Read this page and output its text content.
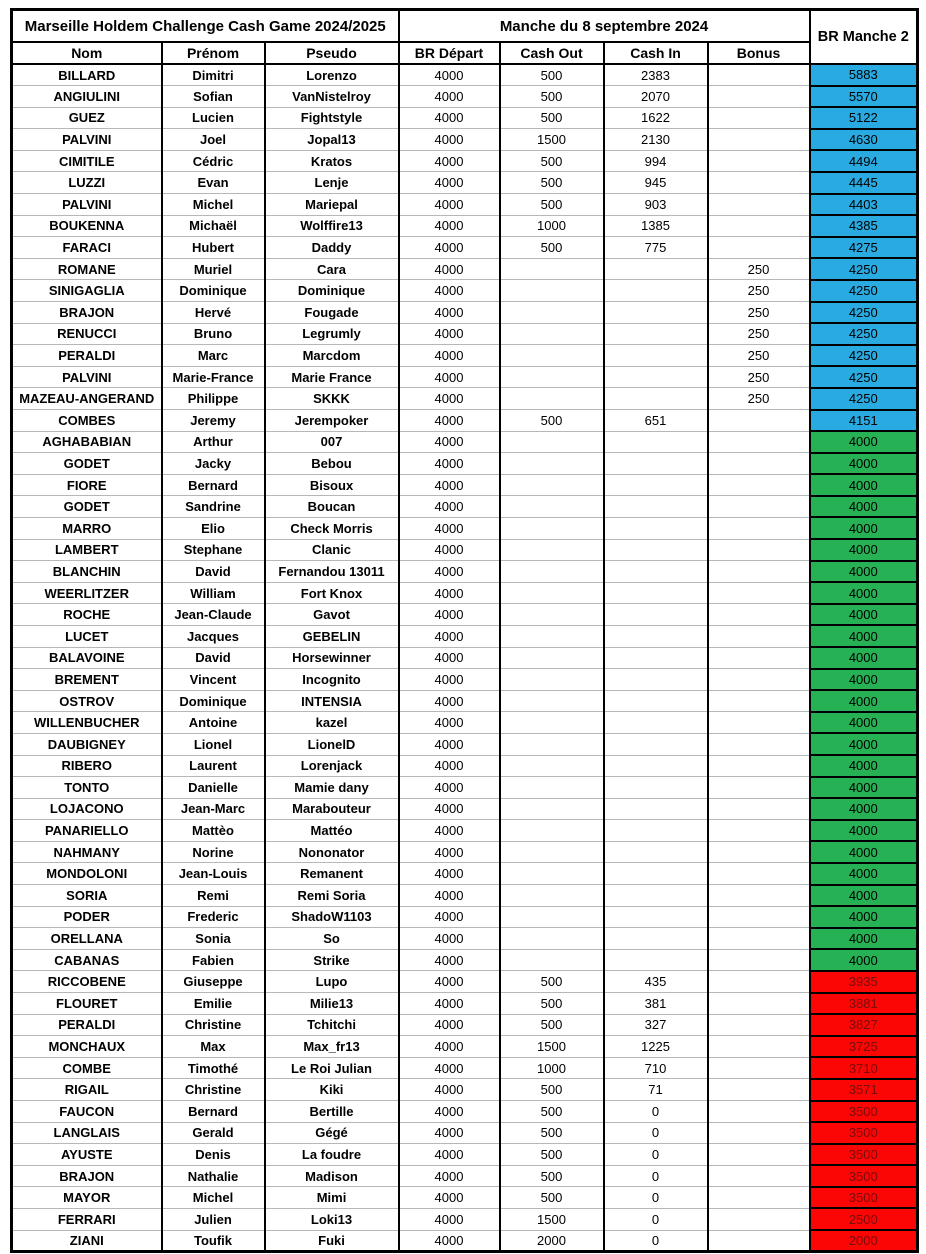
Marseille Holdem Challenge Cash Game 2024/2025			Manche du 8 septembre 2024				BR Manche 2
Nom	Prénom	Pseudo	BR Départ	Cash Out	Cash In	Bonus	
BILLARD	Dimitri	Lorenzo	4000	500	2383		5883
ANGIULINI	Sofian	VanNistelroy	4000	500	2070		5570
GUEZ	Lucien	Fightstyle	4000	500	1622		5122
PALVINI	Joel	Jopal13	4000	1500	2130		4630
CIMITILE	Cédric	Kratos	4000	500	994		4494
LUZZI	Evan	Lenje	4000	500	945		4445
PALVINI	Michel	Mariepal	4000	500	903		4403
BOUKENNA	Michaël	Wolffire13	4000	1000	1385		4385
FARACI	Hubert	Daddy	4000	500	775		4275
ROMANE	Muriel	Cara	4000			250	4250
SINIGAGLIA	Dominique	Dominique	4000			250	4250
BRAJON	Hervé	Fougade	4000			250	4250
RENUCCI	Bruno	Legrumly	4000			250	4250
PERALDI	Marc	Marcdom	4000			250	4250
PALVINI	Marie-France	Marie France	4000			250	4250
MAZEAU-ANGERAND	Philippe	SKKK	4000			250	4250
COMBES	Jeremy	Jerempoker	4000	500	651		4151
AGHABABIAN	Arthur	007	4000				4000
GODET	Jacky	Bebou	4000				4000
FIORE	Bernard	Bisoux	4000				4000
GODET	Sandrine	Boucan	4000				4000
MARRO	Elio	Check Morris	4000				4000
LAMBERT	Stephane	Clanic	4000				4000
BLANCHIN	David	Fernandou 13011	4000				4000
WEERLITZER	William	Fort Knox	4000				4000
ROCHE	Jean-Claude	Gavot	4000				4000
LUCET	Jacques	GEBELIN	4000				4000
BALAVOINE	David	Horsewinner	4000				4000
BREMENT	Vincent	Incognito	4000				4000
OSTROV	Dominique	INTENSIA	4000				4000
WILLENBUCHER	Antoine	kazel	4000				4000
DAUBIGNEY	Lionel	LionelD	4000				4000
RIBERO	Laurent	Lorenjack	4000				4000
TONTO	Danielle	Mamie dany	4000				4000
LOJACONO	Jean-Marc	Marabouteur	4000				4000
PANARIELLO	Mattèo	Mattéo	4000				4000
NAHMANY	Norine	Nononator	4000				4000
MONDOLONI	Jean-Louis	Remanent	4000				4000
SORIA	Remi	Remi Soria	4000				4000
PODER	Frederic	ShadoW1103	4000				4000
ORELLANA	Sonia	So	4000				4000
CABANAS	Fabien	Strike	4000				4000
RICCOBENE	Giuseppe	Lupo	4000	500	435		3935
FLOURET	Emilie	Milie13	4000	500	381		3881
PERALDI	Christine	Tchitchi	4000	500	327		3827
MONCHAUX	Max	Max_fr13	4000	1500	1225		3725
COMBE	Timothé	Le Roi Julian	4000	1000	710		3710
RIGAIL	Christine	Kiki	4000	500	71		3571
FAUCON	Bernard	Bertille	4000	500	0		3500
LANGLAIS	Gerald	Gégé	4000	500	0		3500
AYUSTE	Denis	La foudre	4000	500	0		3500
BRAJON	Nathalie	Madison	4000	500	0		3500
MAYOR	Michel	Mimi	4000	500	0		3500
FERRARI	Julien	Loki13	4000	1500	0		2500
ZIANI	Toufik	Fuki	4000	2000	0		2000
